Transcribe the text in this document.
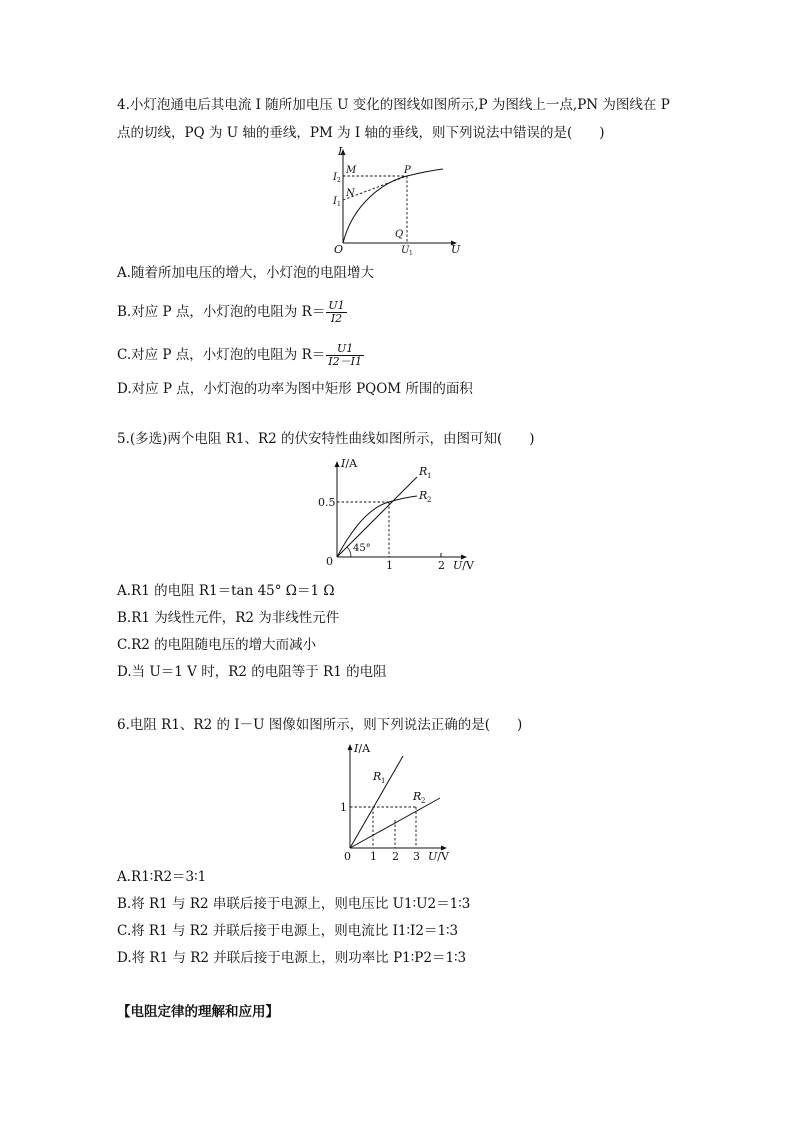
4.小灯泡通电后其电流 I 随所加电压 U 变化的图线如图所示,P 为图线上一点,PN 为图线在 P
点的切线，PQ 为 U 轴的垂线，PM 为 I 轴的垂线，则下列说法中错误的是(　　)
I
M	P
N
I 2
I 1
Q
O	U 1	U
A.随着所加电压的增大，小灯泡的电阻增大
B.对应 P 点，小灯泡的电阻为 $R= \frac{U1}{I2}$
C.对应 P 点，小灯泡的电阻为 $R= \frac{U1}{I2-I1}$
D.对应 P 点，小灯泡的功率为图中矩形 PQOM 所围的面积
5.(多选)两个电阻 R1、R2 的伏安特性曲线如图所示，由图可知(　　)
I/A
R 1
R 2
0.5
45°
0	1	2 U/V
A.R1 的电阻 R1＝tan 45° Ω＝1 Ω
B.R1 为线性元件，R2 为非线性元件
C.R2 的电阻随电压的增大而减小
D.当 U＝1 V 时，R2 的电阻等于 R1 的电阻
6.电阻 R1、R2 的 I－U 图像如图所示，则下列说法正确的是(　　)
I/A
R 1
R 2
1
0 1 2 3 U/V
A.R1∶R2＝3∶1
B.将 R1 与 R2 串联后接于电源上，则电压比 U1∶U2＝1∶3
C.将 R1 与 R2 并联后接于电源上，则电流比 I1∶I2＝1∶3
D.将 R1 与 R2 并联后接于电源上，则功率比 P1∶P2＝1∶3
【电阻定律的理解和应用】
